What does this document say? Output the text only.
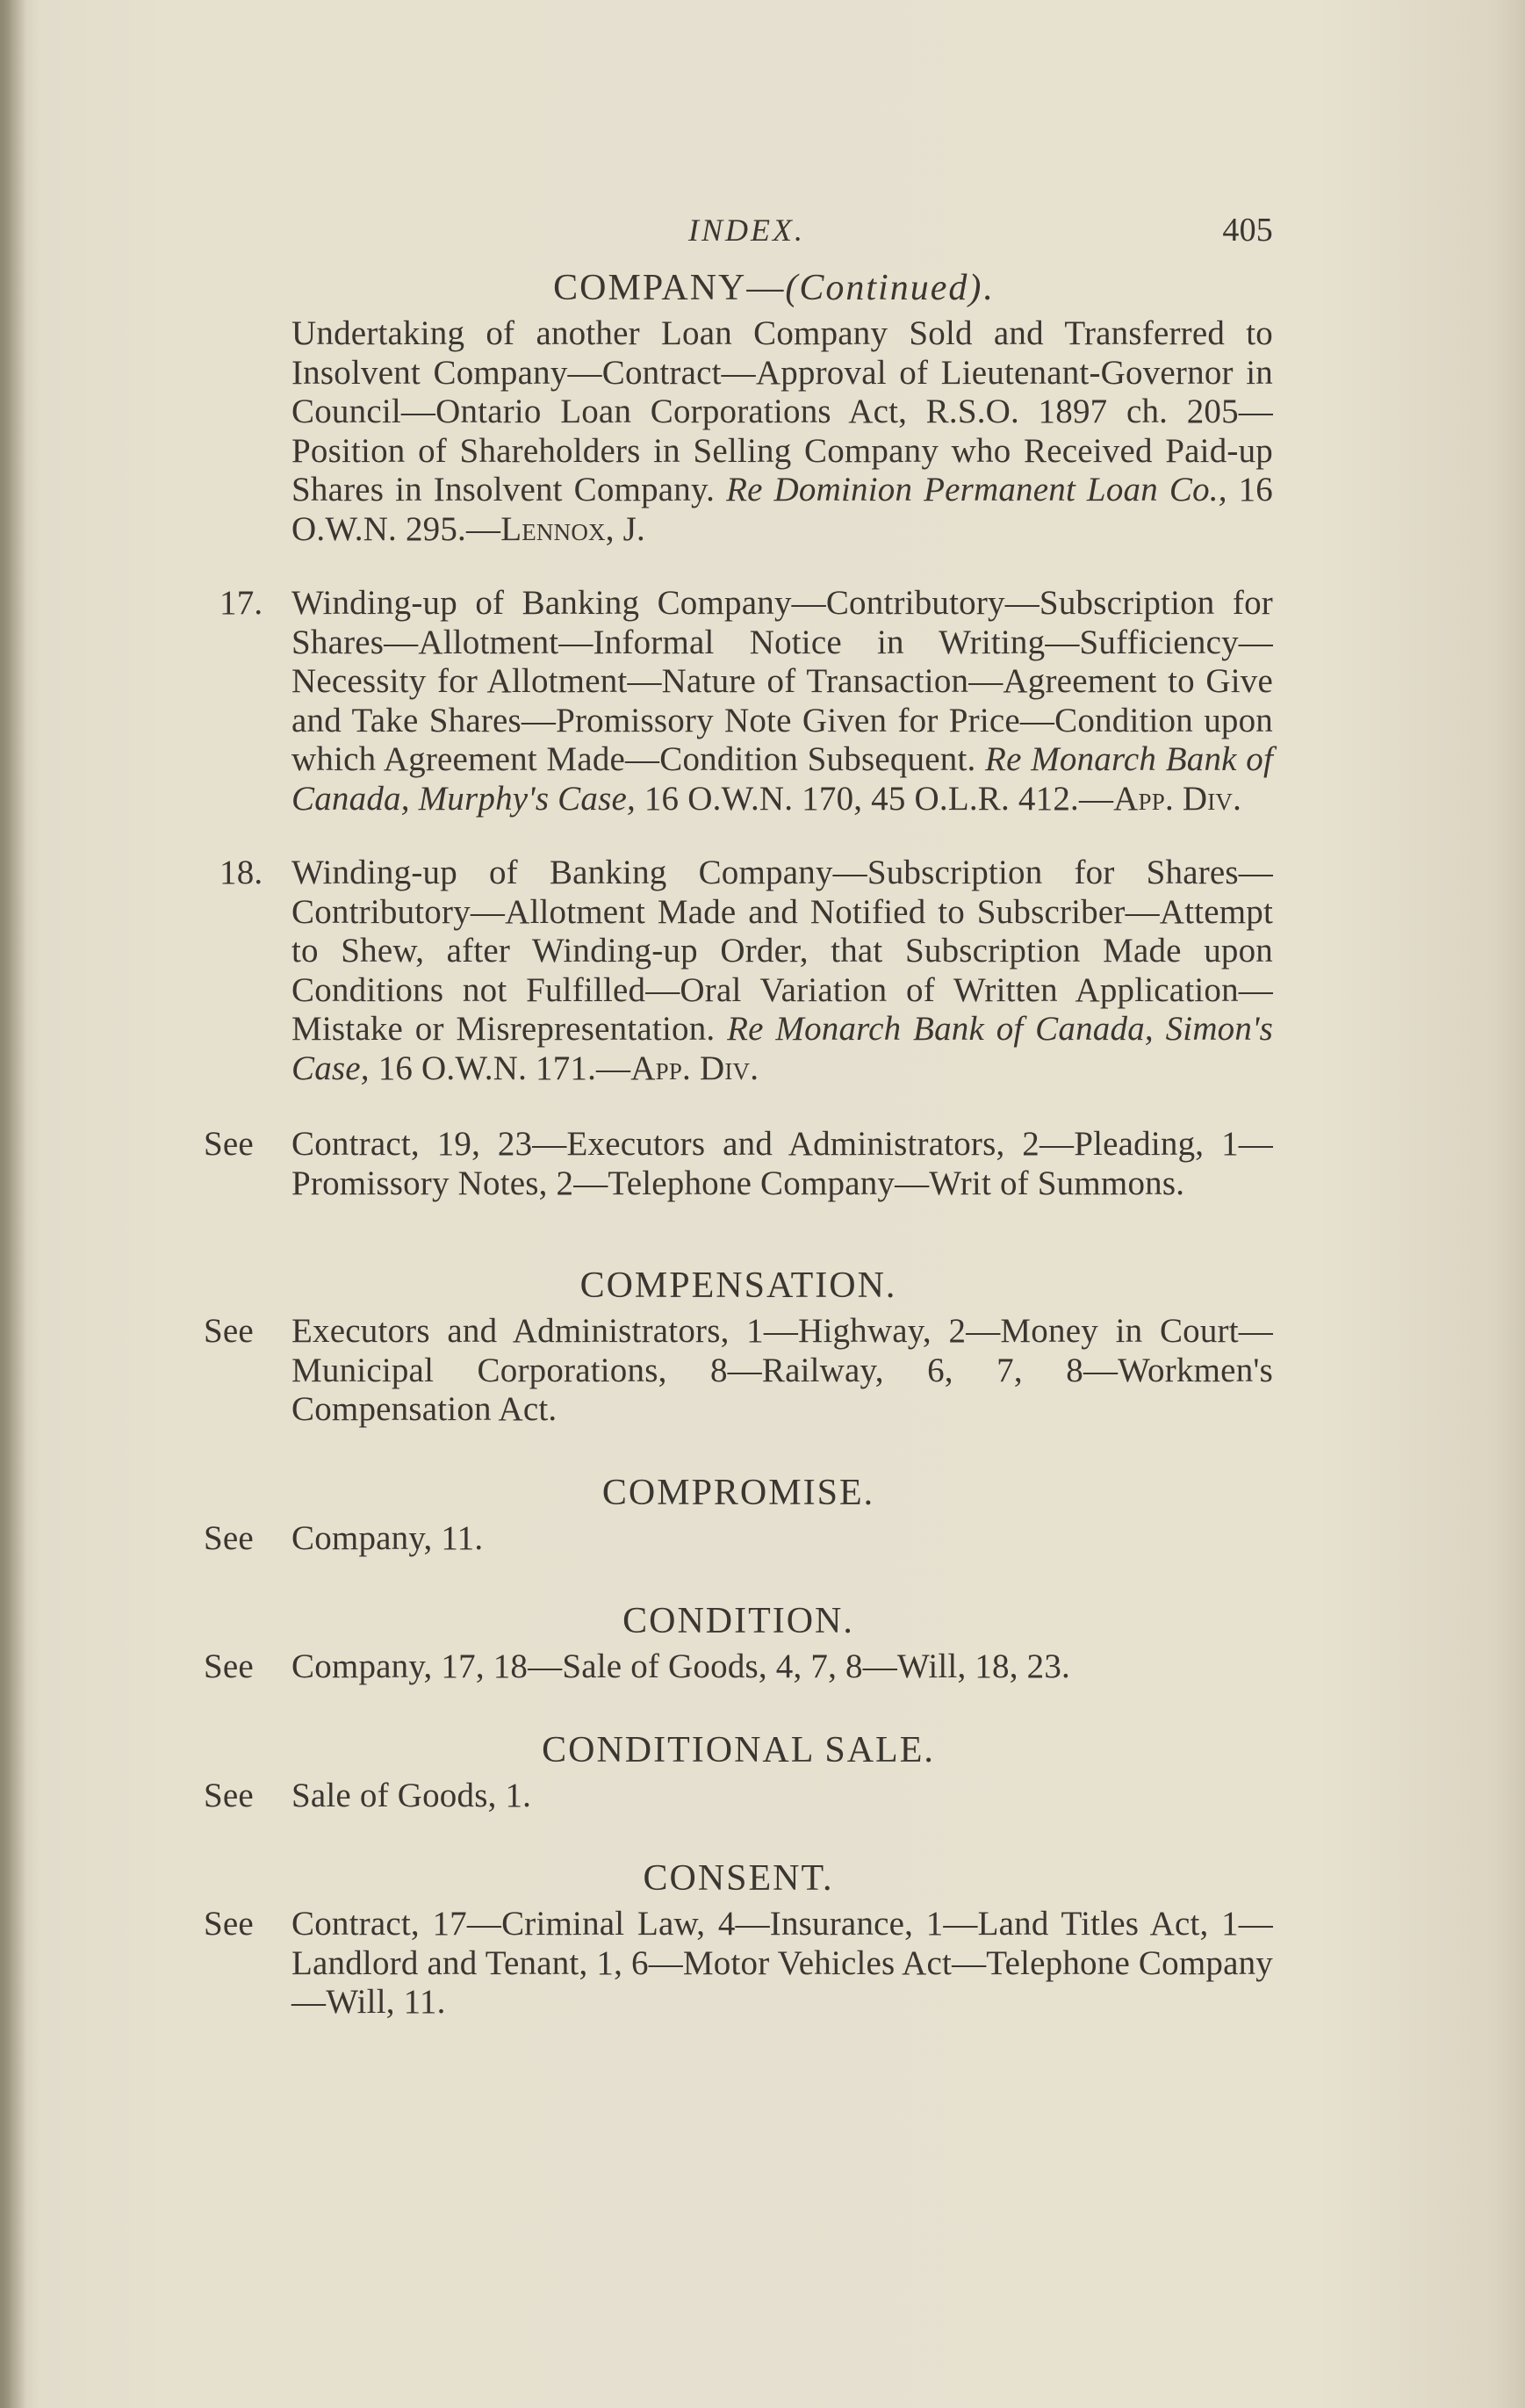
INDEX.	405
COMPANY—(Continued).

Undertaking of another Loan Company Sold and Transferred to Insolvent Company—Contract—Approval of Lieutenant-Governor in Council—Ontario Loan Corporations Act, R.S.O. 1897 ch. 205—Position of Shareholders in Selling Company who Received Paid-up Shares in Insolvent Company. Re Dominion Permanent Loan Co., 16 O.W.N. 295.—Lennox, J.

17. Winding-up of Banking Company—Contributory—Subscription for Shares—Allotment—Informal Notice in Writing—Sufficiency—Necessity for Allotment—Nature of Transaction—Agreement to Give and Take Shares—Promissory Note Given for Price—Condition upon which Agreement Made—Condition Subsequent. Re Monarch Bank of Canada, Murphy's Case, 16 O.W.N. 170, 45 O.L.R. 412.—App. Div.
18. Winding-up of Banking Company—Subscription for Shares—Contributory—Allotment Made and Notified to Subscriber—Attempt to Shew, after Winding-up Order, that Subscription Made upon Conditions not Fulfilled—Oral Variation of Written Application—Mistake or Misrepresentation. Re Monarch Bank of Canada, Simon's Case, 16 O.W.N. 171.—App. Div.
See Contract, 19, 23—Executors and Administrators, 2—Pleading, 1—Promissory Notes, 2—Telephone Company—Writ of Summons.
COMPENSATION.
See Executors and Administrators, 1—Highway, 2—Money in Court—Municipal Corporations, 8—Railway, 6, 7, 8—Workmen's Compensation Act.
COMPROMISE.
See Company, 11.
CONDITION.
See Company, 17, 18—Sale of Goods, 4, 7, 8—Will, 18, 23.
CONDITIONAL SALE.
See Sale of Goods, 1.
CONSENT.
See Contract, 17—Criminal Law, 4—Insurance, 1—Land Titles Act, 1—Landlord and Tenant, 1, 6—Motor Vehicles Act—Telephone Company—Will, 11.
